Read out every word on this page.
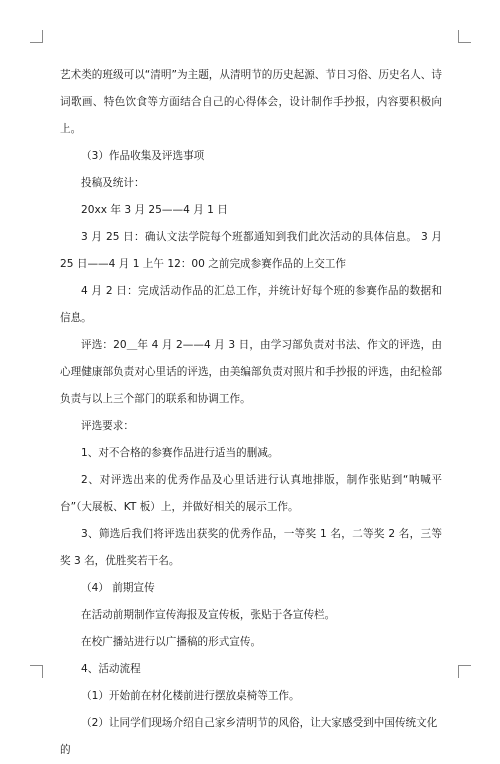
艺术类的班级可以“清明”为主题，从清明节的历史起源、节日习俗、历史名人、诗词歌画、特色饮食等方面结合自己的心得体会，设计制作手抄报，内容要积极向上。

（3）作品收集及评选事项

投稿及统计：

20xx 年 3 月 25——4 月 1 日

3 月 25 日：确认文法学院每个班都通知到我们此次活动的具体信息。 3 月 25 日——4 月 1 上午 12：00 之前完成参赛作品的上交工作

4 月 2 日：完成活动作品的汇总工作，并统计好每个班的参赛作品的数据和信息。

评选：20＿年 4 月 2——4 月 3 日，由学习部负责对书法、作文的评选，由心理健康部负责对心里话的评选，由美编部负责对照片和手抄报的评选，由纪检部负责与以上三个部门的联系和协调工作。

评选要求：

1、对不合格的参赛作品进行适当的删减。

2、对评选出来的优秀作品及心里话进行认真地排版，制作张贴到“呐喊平台”（大展板、KT 板）上，并做好相关的展示工作。

3、筛选后我们将评选出获奖的优秀作品，一等奖 1 名，二等奖 2 名，三等奖 3 名，优胜奖若干名。

（4） 前期宣传

在活动前期制作宣传海报及宣传板，张贴于各宣传栏。

在校广播站进行以广播稿的形式宣传。

4、活动流程

（1）开始前在材化楼前进行摆放桌椅等工作。

（2）让同学们现场介绍自己家乡清明节的风俗，让大家感受到中国传统文化的
